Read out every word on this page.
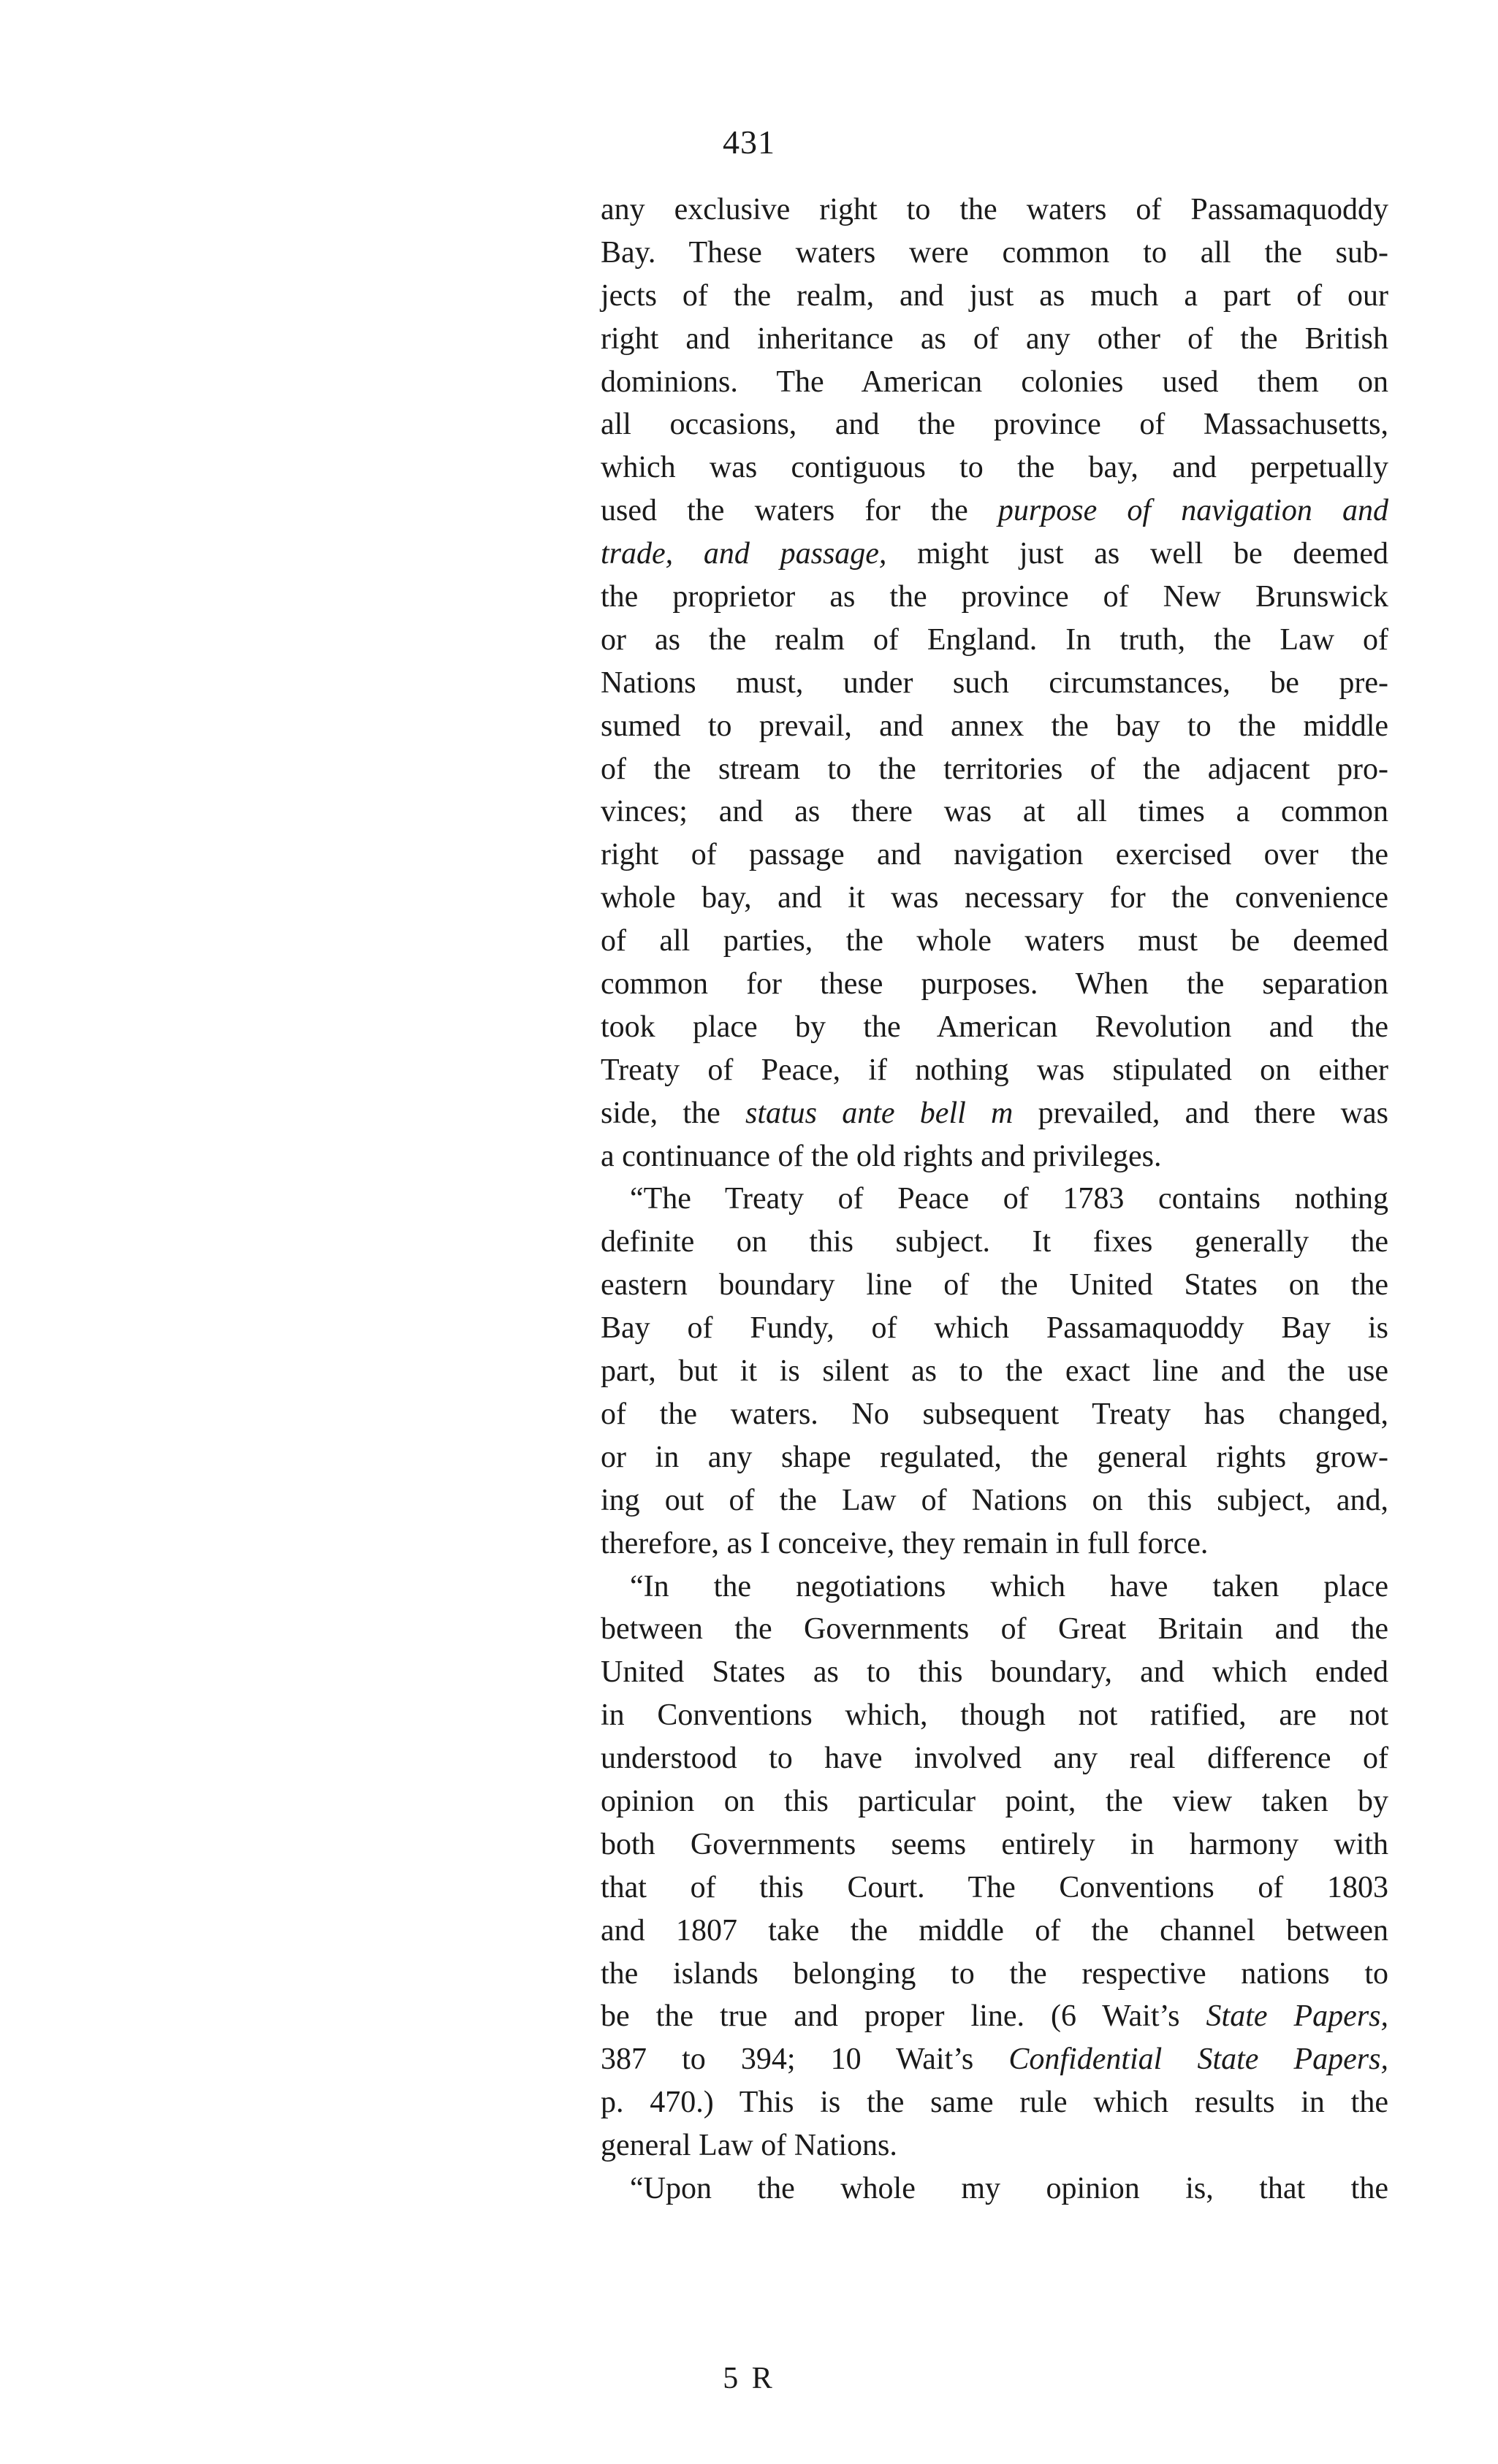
431
any exclusive right to the waters of Passamaquoddy
Bay. These waters were common to all the sub-
jects of the realm, and just as much a part of our
right and inheritance as of any other of the British
dominions. The American colonies used them on
all occasions, and the province of Massachusetts,
which was contiguous to the bay, and perpetually
used the waters for the purpose of navigation and
trade, and passage, might just as well be deemed
the proprietor as the province of New Brunswick
or as the realm of England. In truth, the Law of
Nations must, under such circumstances, be pre-
sumed to prevail, and annex the bay to the middle
of the stream to the territories of the adjacent pro-
vinces; and as there was at all times a common
right of passage and navigation exercised over the
whole bay, and it was necessary for the convenience
of all parties, the whole waters must be deemed
common for these purposes. When the separation
took place by the American Revolution and the
Treaty of Peace, if nothing was stipulated on either
side, the status ante bell m prevailed, and there was
a continuance of the old rights and privileges.
“The Treaty of Peace of 1783 contains nothing
definite on this subject. It fixes generally the
eastern boundary line of the United States on the
Bay of Fundy, of which Passamaquoddy Bay is
part, but it is silent as to the exact line and the use
of the waters. No subsequent Treaty has changed,
or in any shape regulated, the general rights grow-
ing out of the Law of Nations on this subject, and,
therefore, as I conceive, they remain in full force.
“In the negotiations which have taken place
between the Governments of Great Britain and the
United States as to this boundary, and which ended
in Conventions which, though not ratified, are not
understood to have involved any real difference of
opinion on this particular point, the view taken by
both Governments seems entirely in harmony with
that of this Court. The Conventions of 1803
and 1807 take the middle of the channel between
the islands belonging to the respective nations to
be the true and proper line. (6 Wait’s State Papers,
387 to 394; 10 Wait’s Confidential State Papers,
p. 470.) This is the same rule which results in the
general Law of Nations.
“Upon the whole my opinion is, that the
5 R
